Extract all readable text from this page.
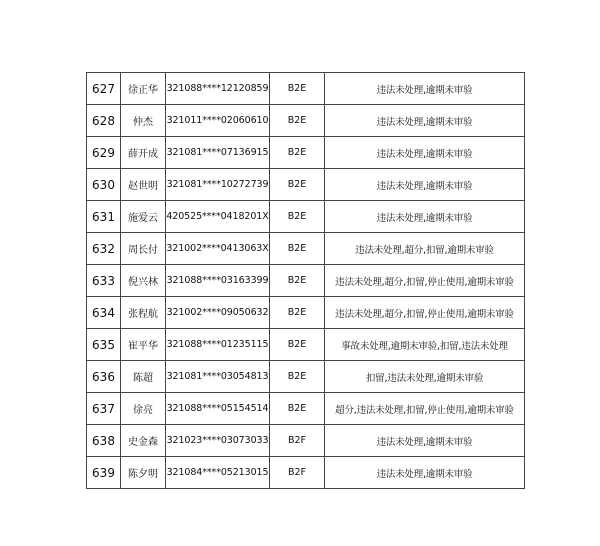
627	徐正华	321088****12120859	B2E	违法未处理,逾期未审验
628	仲杰	321011****02060610	B2E	违法未处理,逾期未审验
629	薛开成	321081****07136915	B2E	违法未处理,逾期未审验
630	赵世明	321081****10272739	B2E	违法未处理,逾期未审验
631	施爱云	420525****0418201X	B2E	违法未处理,逾期未审验
632	周长付	321002****0413063X	B2E	违法未处理,超分,扣留,逾期未审验
633	倪兴林	321088****03163399	B2E	违法未处理,超分,扣留,停止使用,逾期未审验
634	张程航	321002****09050632	B2E	违法未处理,超分,扣留,停止使用,逾期未审验
635	崔平华	321088****01235115	B2E	事故未处理,逾期未审验,扣留,违法未处理
636	陈超	321081****03054813	B2E	扣留,违法未处理,逾期未审验
637	徐亮	321088****05154514	B2E	超分,违法未处理,扣留,停止使用,逾期未审验
638	史金森	321023****03073033	B2F	违法未处理,逾期未审验
639	陈夕明	321084****05213015	B2F	违法未处理,逾期未审验
